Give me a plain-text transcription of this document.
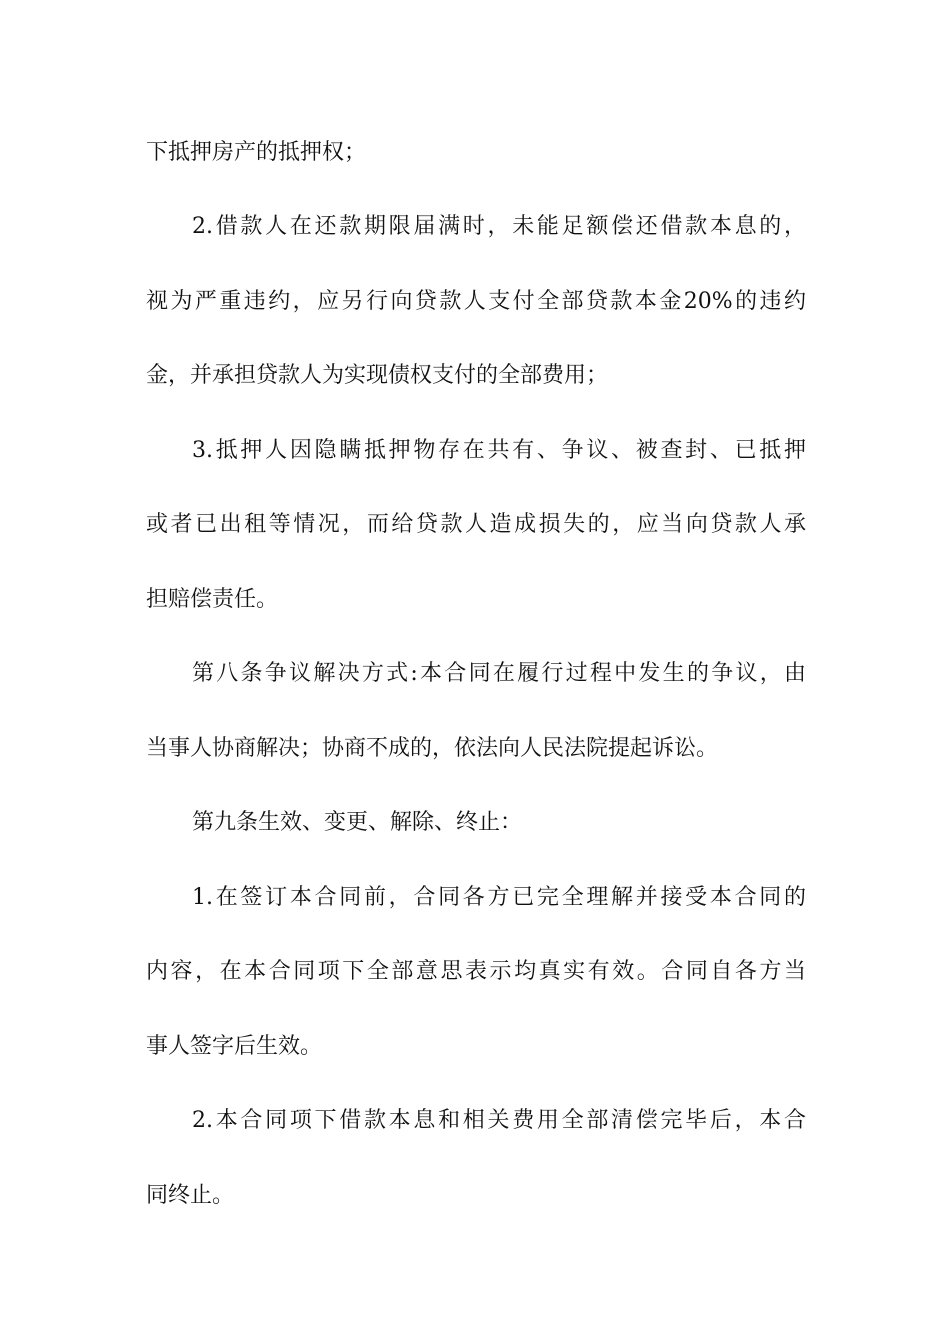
下抵押房产的抵押权；
2.借款人在还款期限届满时，未能足额偿还借款本息的，
视为严重违约，应另行向贷款人支付全部贷款本金20%的违约
金，并承担贷款人为实现债权支付的全部费用；
3.抵押人因隐瞒抵押物存在共有、争议、被查封、已抵押
或者已出租等情况，而给贷款人造成损失的，应当向贷款人承
担赔偿责任。
第八条争议解决方式:本合同在履行过程中发生的争议，由
当事人协商解决；协商不成的，依法向人民法院提起诉讼。
第九条生效、变更、解除、终止：
1.在签订本合同前，合同各方已完全理解并接受本合同的
内容，在本合同项下全部意思表示均真实有效。合同自各方当
事人签字后生效。
2.本合同项下借款本息和相关费用全部清偿完毕后，本合
同终止。
